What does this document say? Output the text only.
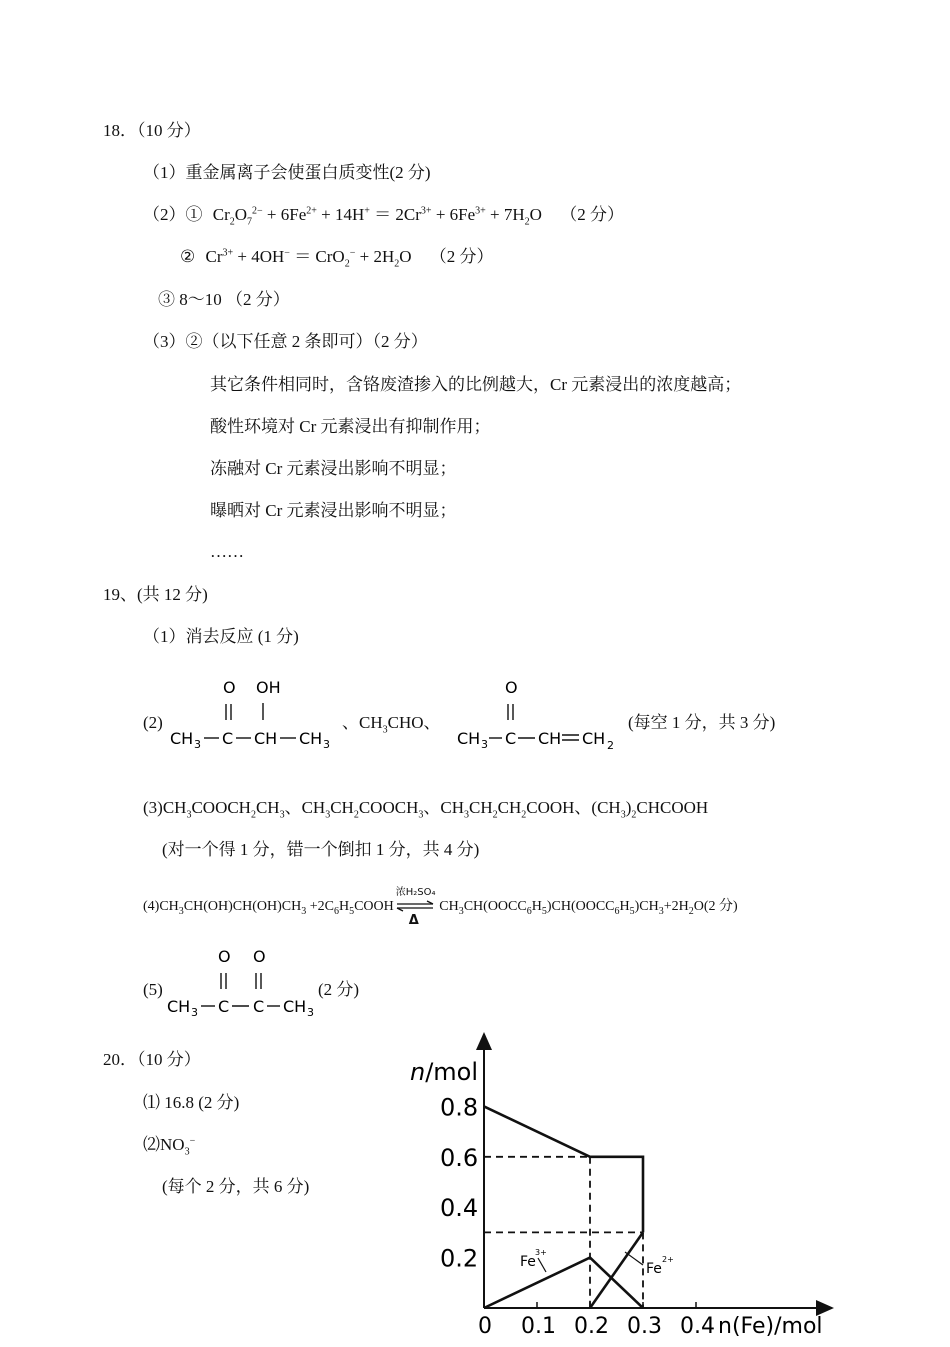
18．（10 分）
（1）重金属离子会使蛋白质变性(2 分)
（2）① $Cr_2O_7^{2-} + 6Fe^{2+} + 14H^+ = 2Cr^{3+} + 6Fe^{3+} + 7H_2O$ （2 分）
② $Cr^{3+} + 4OH^- = CrO_2^- + 2H_2O$ （2 分）
③ 8～10 （2 分）
（3）②（以下任意 2 条即可）（2 分）
其它条件相同时，含铬废渣掺入的比例越大，Cr 元素浸出的浓度越高；
酸性环境对 Cr 元素浸出有抑制作用；
冻融对 Cr 元素浸出影响不明显；
曝晒对 Cr 元素浸出影响不明显；
……
19、(共 12 分)
（1）消去反应 (1 分)
(2)
O OH
CH 3 C CH CH 3
、$CH_3CHO$、
O
CH 3 C CH CH 2
(每空 1 分，共 3 分)
$(3)CH_3COOCH_2CH_3$、$CH_3CH_2COOCH_3$、$CH_3CH_2CH_2COOH$、$(CH_3)_2CHCOOH$
(对一个得 1 分，错一个倒扣 1 分，共 4 分)
$(4)CH_3CH(OH)CH(OH)CH_3$ $+2C_6H_5COOH$
浓H₂SO₄
Δ
$CH_3CH(OOCC_6H_5)CH(OOCC_6H_5)CH_3+2H_2O(2$ 分)
(5)
O O
CH 3 C C CH 3
(2 分)
20．（10 分）
⑴ 16.8 (2 分)
$⑵NO_3^-$
(每个 2 分，共 6 分)
n/mol
n(Fe)/mol
0.2
0.4
0.6
0.8
0 0.1 0.2 0.3 0.4
Fe
3+
Fe
2+
